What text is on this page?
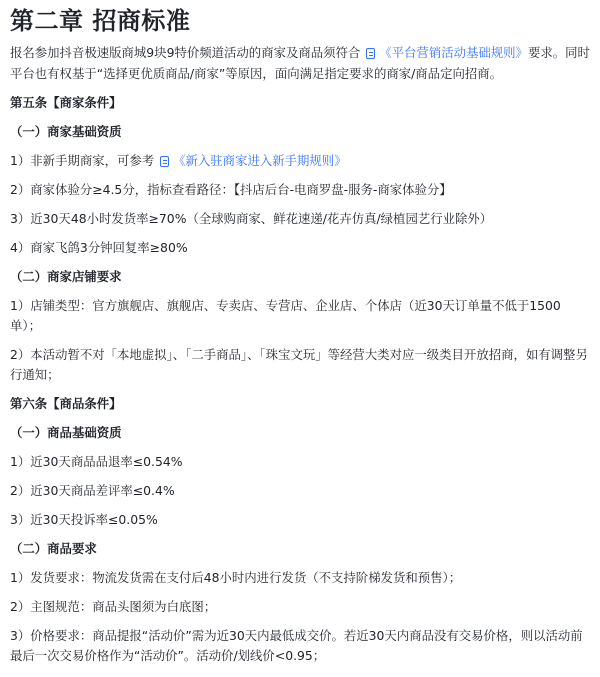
第二章 招商标准

报名参加抖音极速版商城9块9特价频道活动的商家及商品须符合 《平台营销活动基础规则》要求。同时平台也有权基于“选择更优质商品/商家”等原因，面向满足指定要求的商家/商品定向招商。

第五条【商家条件】

（一）商家基础资质

1）非新手期商家，可参考 《新入驻商家进入新手期规则》

2）商家体验分≥4.5分，指标查看路径：【抖店后台-电商罗盘-服务-商家体验分】

3）近30天48小时发货率≥70%（全球购商家、鲜花速递/花卉仿真/绿植园艺行业除外）

4）商家飞鸽3分钟回复率≥80%

（二）商家店铺要求

1）店铺类型：官方旗舰店、旗舰店、专卖店、专营店、企业店、个体店（近30天订单量不低于1500单）；

2）本活动暂不对「本地虚拟」、「二手商品」、「珠宝文玩」等经营大类对应一级类目开放招商，如有调整另行通知；

第六条【商品条件】

（一）商品基础资质

1）近30天商品品退率≤0.54%

2）近30天商品差评率≤0.4%

3）近30天投诉率≤0.05%

（二）商品要求

1）发货要求：物流发货需在支付后48小时内进行发货（不支持阶梯发货和预售）；

2）主图规范：商品头图须为白底图；

3）价格要求：商品提报“活动价”需为近30天内最低成交价。若近30天内商品没有交易价格，则以活动前最后一次交易价格作为“活动价”。活动价/划线价<0.95；
